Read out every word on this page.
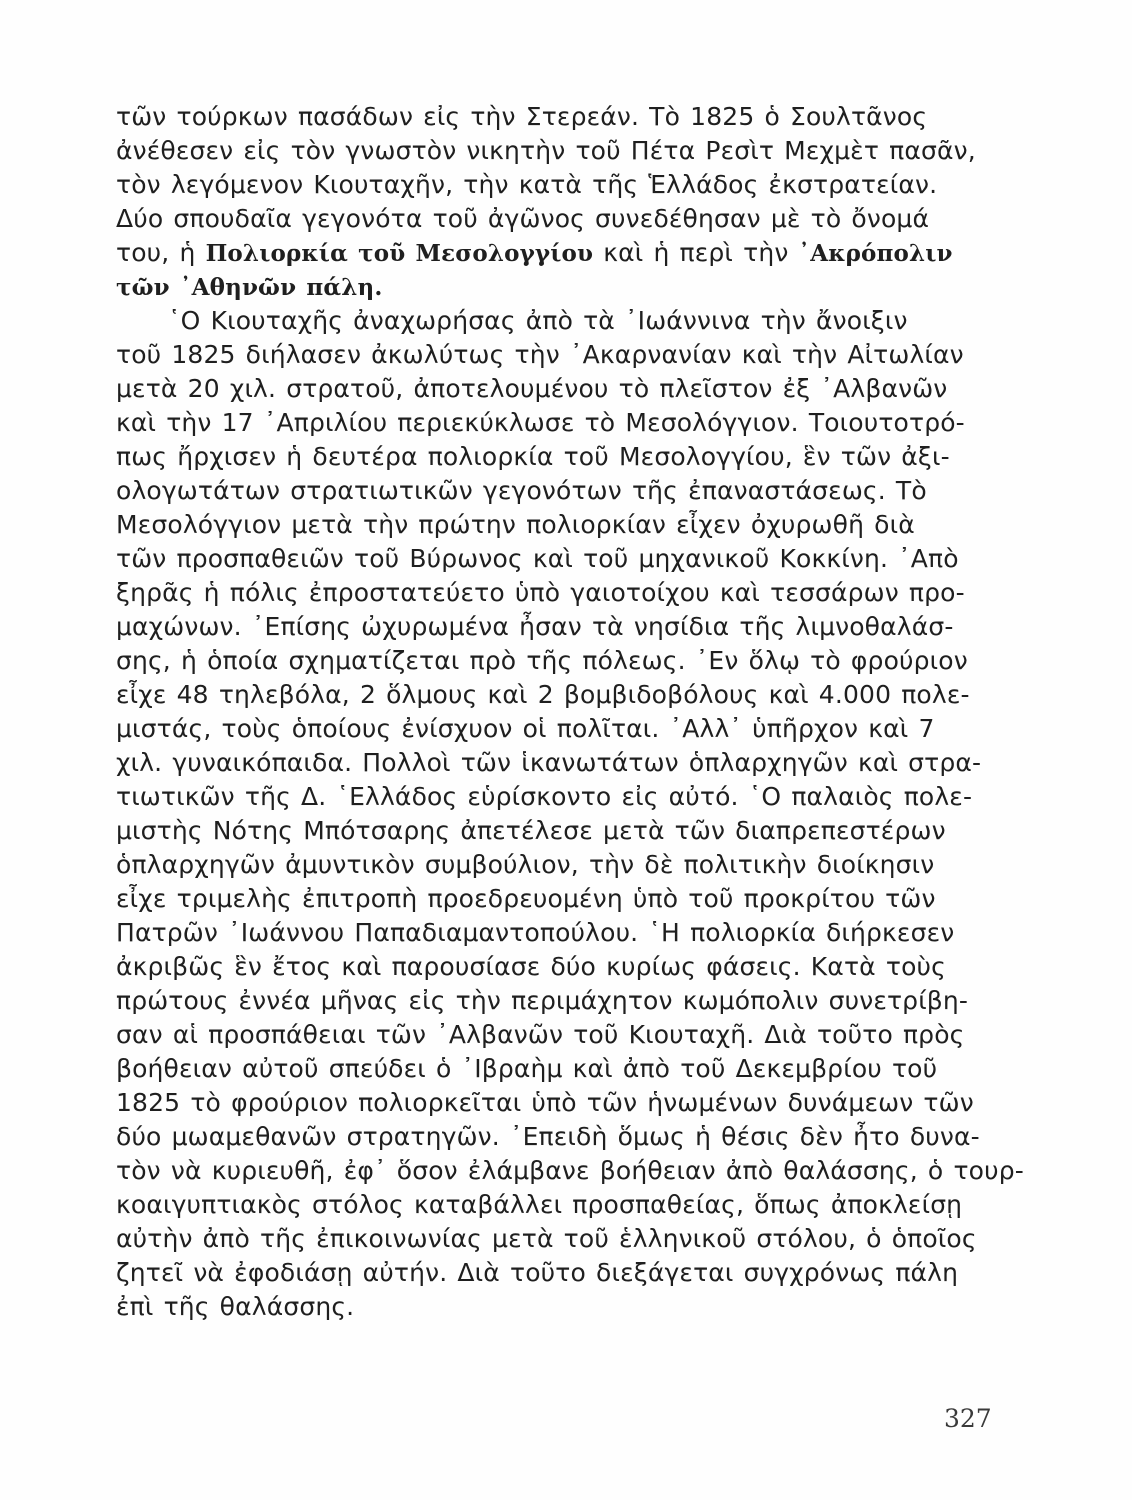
τῶν τούρκων πασάδων εἰς τὴν Στερεάν. Τὸ 1825 ὁ Σουλτᾶνος
ἀνέθεσεν εἰς τὸν γνωστὸν νικητὴν τοῦ Πέτα Ρεσὶτ Μεχμὲτ πασᾶν,
τὸν λεγόμενον Κιουταχῆν, τὴν κατὰ τῆς Ἑλλάδος ἐκστρατείαν.
Δύο σπουδαῖα γεγονότα τοῦ ἀγῶνος συνεδέθησαν μὲ τὸ ὄνομά
του, ἡ Πολιορκία τοῦ Μεσολογγίου καὶ ἡ περὶ τὴν ᾿Ακρόπολιν
τῶν ᾿Αθηνῶν πάλη.
῾Ο Κιουταχῆς ἀναχωρήσας ἀπὸ τὰ ᾿Ιωάννινα τὴν ἄνοιξιν
τοῦ 1825 διήλασεν ἀκωλύτως τὴν ᾿Ακαρνανίαν καὶ τὴν Αἰτωλίαν
μετὰ 20 χιλ. στρατοῦ, ἀποτελουμένου τὸ πλεῖστον ἐξ ᾿Αλβανῶν
καὶ τὴν 17 ᾿Απριλίου περιεκύκλωσε τὸ Μεσολόγγιον. Τοιουτοτρό-
πως ἤρχισεν ἡ δευτέρα πολιορκία τοῦ Μεσολογγίου, ἓν τῶν ἀξι-
ολογωτάτων στρατιωτικῶν γεγονότων τῆς ἐπαναστάσεως. Τὸ
Μεσολόγγιον μετὰ τὴν πρώτην πολιορκίαν εἶχεν ὀχυρωθῆ διὰ
τῶν προσπαθειῶν τοῦ Βύρωνος καὶ τοῦ μηχανικοῦ Κοκκίνη. ᾿Απὸ
ξηρᾶς ἡ πόλις ἐπροστατεύετο ὑπὸ γαιοτοίχου καὶ τεσσάρων προ-
μαχώνων. ᾿Επίσης ὠχυρωμένα ἦσαν τὰ νησίδια τῆς λιμνοθαλάσ-
σης, ἡ ὁποία σχηματίζεται πρὸ τῆς πόλεως. ᾿Εν ὅλῳ τὸ φρούριον
εἶχε 48 τηλεβόλα, 2 ὅλμους καὶ 2 βομβιδοβόλους καὶ 4.000 πολε-
μιστάς, τοὺς ὁποίους ἐνίσχυον οἱ πολῖται. ᾿Αλλ᾿ ὑπῆρχον καὶ 7
χιλ. γυναικόπαιδα. Πολλοὶ τῶν ἱκανωτάτων ὁπλαρχηγῶν καὶ στρα-
τιωτικῶν τῆς Δ. ῾Ελλάδος εὑρίσκοντο εἰς αὐτό. ῾Ο παλαιὸς πολε-
μιστὴς Νότης Μπότσαρης ἀπετέλεσε μετὰ τῶν διαπρεπεστέρων
ὁπλαρχηγῶν ἀμυντικὸν συμβούλιον, τὴν δὲ πολιτικὴν διοίκησιν
εἶχε τριμελὴς ἐπιτροπὴ προεδρευομένη ὑπὸ τοῦ προκρίτου τῶν
Πατρῶν ᾿Ιωάννου Παπαδιαμαντοπούλου. ῾Η πολιορκία διήρκεσεν
ἀκριβῶς ἓν ἔτος καὶ παρουσίασε δύο κυρίως φάσεις. Κατὰ τοὺς
πρώτους ἐννέα μῆνας εἰς τὴν περιμάχητον κωμόπολιν συνετρίβη-
σαν αἱ προσπάθειαι τῶν ᾿Αλβανῶν τοῦ Κιουταχῆ. Διὰ τοῦτο πρὸς
βοήθειαν αὐτοῦ σπεύδει ὁ ᾿Ιβραὴμ καὶ ἀπὸ τοῦ Δεκεμβρίου τοῦ
1825 τὸ φρούριον πολιορκεῖται ὑπὸ τῶν ἡνωμένων δυνάμεων τῶν
δύο μωαμεθανῶν στρατηγῶν. ᾿Επειδὴ ὅμως ἡ θέσις δὲν ἦτο δυνα-
τὸν νὰ κυριευθῆ, ἐφ᾿ ὅσον ἐλάμβανε βοήθειαν ἀπὸ θαλάσσης, ὁ τουρ-
κοαιγυπτιακὸς στόλος καταβάλλει προσπαθείας, ὅπως ἀποκλείσῃ
αὐτὴν ἀπὸ τῆς ἐπικοινωνίας μετὰ τοῦ ἑλληνικοῦ στόλου, ὁ ὁποῖος
ζητεῖ νὰ ἐφοδιάσῃ αὐτήν. Διὰ τοῦτο διεξάγεται συγχρόνως πάλη
ἐπὶ τῆς θαλάσσης.
327
